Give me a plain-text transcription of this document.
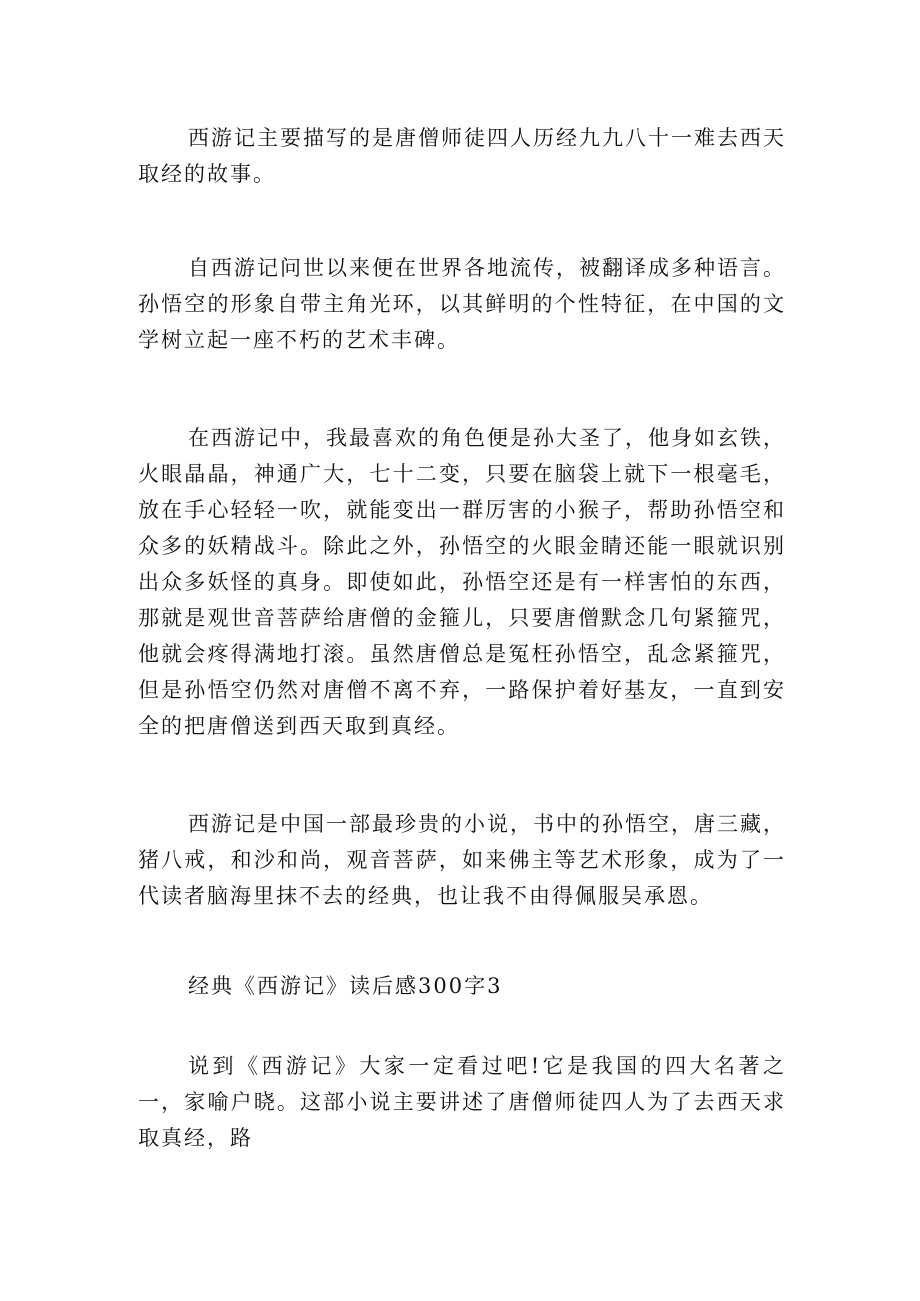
西游记主要描写的是唐僧师徒四人历经九九八十一难去西天取经的故事。

自西游记问世以来便在世界各地流传，被翻译成多种语言。孙悟空的形象自带主角光环，以其鲜明的个性特征，在中国的文学树立起一座不朽的艺术丰碑。

在西游记中，我最喜欢的角色便是孙大圣了，他身如玄铁，火眼晶晶，神通广大，七十二变，只要在脑袋上就下一根毫毛，放在手心轻轻一吹，就能变出一群厉害的小猴子，帮助孙悟空和众多的妖精战斗。除此之外，孙悟空的火眼金睛还能一眼就识别出众多妖怪的真身。即使如此，孙悟空还是有一样害怕的东西，那就是观世音菩萨给唐僧的金箍儿，只要唐僧默念几句紧箍咒，他就会疼得满地打滚。虽然唐僧总是冤枉孙悟空，乱念紧箍咒，但是孙悟空仍然对唐僧不离不弃，一路保护着好基友，一直到安全的把唐僧送到西天取到真经。

西游记是中国一部最珍贵的小说，书中的孙悟空，唐三藏，猪八戒，和沙和尚，观音菩萨，如来佛主等艺术形象，成为了一代读者脑海里抹不去的经典，也让我不由得佩服吴承恩。

经典《西游记》读后感300字3

说到《西游记》大家一定看过吧!它是我国的四大名著之一，家喻户晓。这部小说主要讲述了唐僧师徒四人为了去西天求取真经，路
